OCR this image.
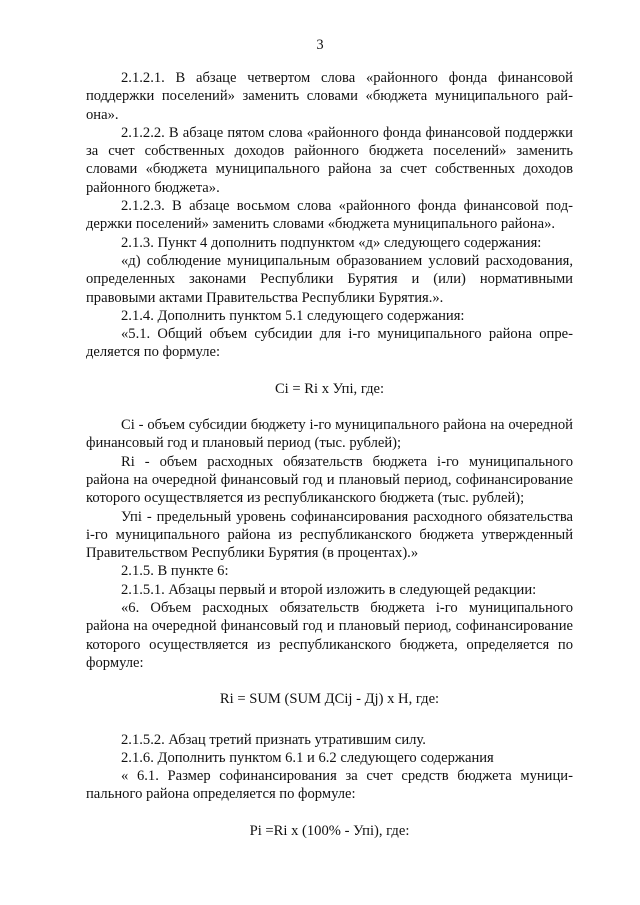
3

2.1.2.1. В абзаце четвертом слова «районного фонда финансовой поддержки поселений» заменить словами «бюджета муниципального района».

2.1.2.2. В абзаце пятом слова «районного фонда финансовой поддержки за счет собственных доходов районного бюджета поселений» заменить словами «бюджета муниципального района за счет собственных доходов районного бюджета».

2.1.2.3. В абзаце восьмом слова «районного фонда финансовой поддержки поселений» заменить словами «бюджета муниципального района».

2.1.3. Пункт 4 дополнить подпунктом «д» следующего содержания:

«д) соблюдение муниципальным образованием условий расходования, определенных законами Республики Бурятия и (или) нормативными правовыми актами Правительства Республики Бурятия.».

2.1.4. Дополнить пунктом 5.1 следующего содержания:

«5.1. Общий объем субсидии для i-го муниципального района определяется по формуле:

Ci = Ri х Упi, где:

Ci - объем субсидии бюджету i-го муниципального района на очередной финансовый год и плановый период (тыс. рублей);

Ri - объем расходных обязательств бюджета i-го муниципального района на очередной финансовый год и плановый период, софинансирование которого осуществляется из республиканского бюджета (тыс. рублей);

Упi - предельный уровень софинансирования расходного обязательства i-го муниципального района из республиканского бюджета утвержденный Правительством Республики Бурятия (в процентах).»

2.1.5. В пункте 6:

2.1.5.1. Абзацы первый и второй изложить в следующей редакции:

«6. Объем расходных обязательств бюджета i-го муниципального района на очередной финансовый год и плановый период, софинансирование которого осуществляется из республиканского бюджета, определяется по формуле:

Ri = SUM (SUM ДСij - Дj) х Н, где:

2.1.5.2. Абзац третий признать утратившим силу.

2.1.6. Дополнить пунктом 6.1 и 6.2 следующего содержания

« 6.1. Размер софинансирования за счет средств бюджета муниципального района определяется по формуле:

Pi =Ri х (100% - Упi), где:
